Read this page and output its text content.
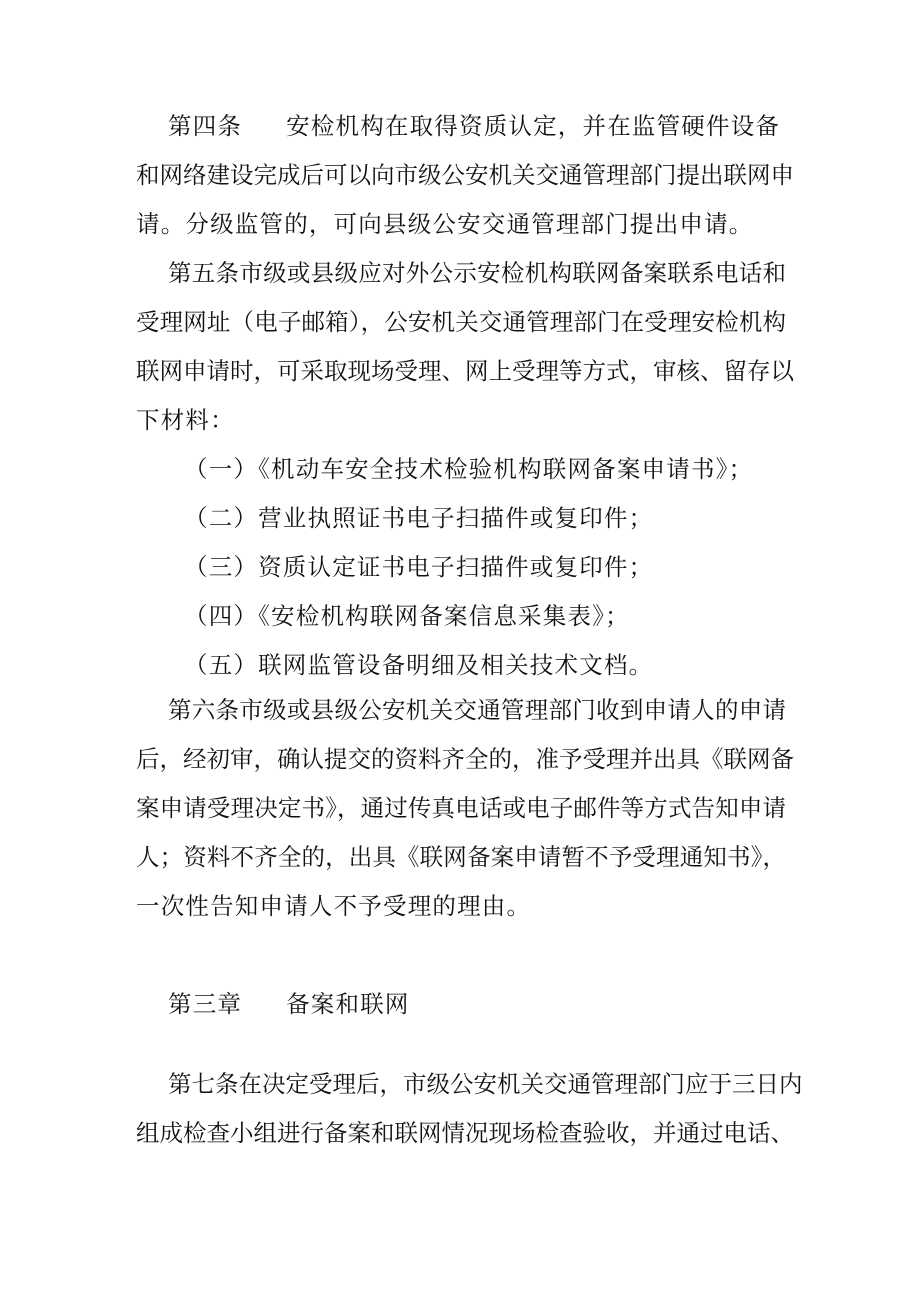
第四条 安检机构在取得资质认定，并在监管硬件设备
和网络建设完成后可以向市级公安机关交通管理部门提出联网申
请。分级监管的，可向县级公安交通管理部门提出申请。
第五条市级或县级应对外公示安检机构联网备案联系电话和
受理网址（电子邮箱），公安机关交通管理部门在受理安检机构
联网申请时，可采取现场受理、网上受理等方式，审核、留存以
下材料：
（一）《机动车安全技术检验机构联网备案申请书》；
（二）营业执照证书电子扫描件或复印件；
（三）资质认定证书电子扫描件或复印件；
（四）《安检机构联网备案信息采集表》；
（五）联网监管设备明细及相关技术文档。
第六条市级或县级公安机关交通管理部门收到申请人的申请
后，经初审，确认提交的资料齐全的，准予受理并出具《联网备
案申请受理决定书》，通过传真电话或电子邮件等方式告知申请
人；资料不齐全的，出具《联网备案申请暂不予受理通知书》，
一次性告知申请人不予受理的理由。
第三章 备案和联网
第七条在决定受理后，市级公安机关交通管理部门应于三日内
组成检查小组进行备案和联网情况现场检查验收，并通过电话、
